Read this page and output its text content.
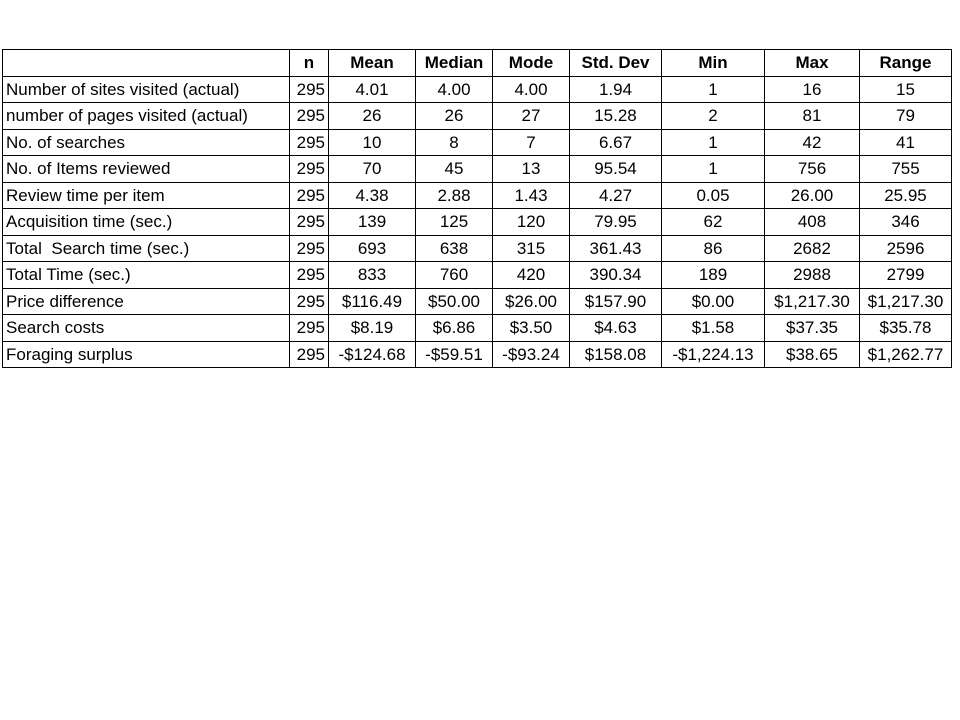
	n	Mean	Median	Mode	Std. Dev	Min	Max	Range
Number of sites visited (actual)	295	4.01	4.00	4.00	1.94	1	16	15
number of pages visited (actual)	295	26	26	27	15.28	2	81	79
No. of searches	295	10	8	7	6.67	1	42	41
No. of Items reviewed	295	70	45	13	95.54	1	756	755
Review time per item	295	4.38	2.88	1.43	4.27	0.05	26.00	25.95
Acquisition time (sec.)	295	139	125	120	79.95	62	408	346
Total  Search time (sec.)	295	693	638	315	361.43	86	2682	2596
Total Time (sec.)	295	833	760	420	390.34	189	2988	2799
Price difference	295	$116.49	$50.00	$26.00	$157.90	$0.00	$1,217.30	$1,217.30
Search costs	295	$8.19	$6.86	$3.50	$4.63	$1.58	$37.35	$35.78
Foraging surplus	295	-$124.68	-$59.51	-$93.24	$158.08	-$1,224.13	$38.65	$1,262.77
